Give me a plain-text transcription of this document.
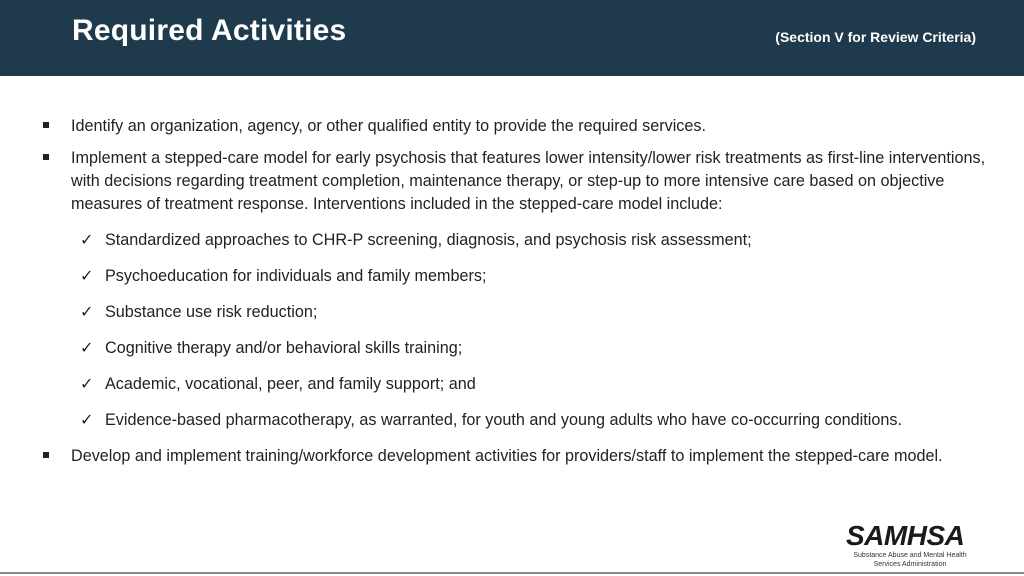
Required Activities	(Section V for Review Criteria)
Identify an organization, agency, or other qualified entity to provide the required services.
Implement a stepped-care model for early psychosis that features lower intensity/lower risk treatments as first-line interventions, with decisions regarding treatment completion, maintenance therapy, or step-up to more intensive care based on objective measures of treatment response. Interventions included in the stepped-care model include:
✓ Standardized approaches to CHR-P screening, diagnosis, and psychosis risk assessment;
✓ Psychoeducation for individuals and family members;
✓ Substance use risk reduction;
✓ Cognitive therapy and/or behavioral skills training;
✓ Academic, vocational, peer, and family support; and
✓ Evidence-based pharmacotherapy, as warranted, for youth and young adults who have co-occurring conditions.
Develop and implement training/workforce development activities for providers/staff to implement the stepped-care model.
SAMHSA
Substance Abuse and Mental Health Services Administration
